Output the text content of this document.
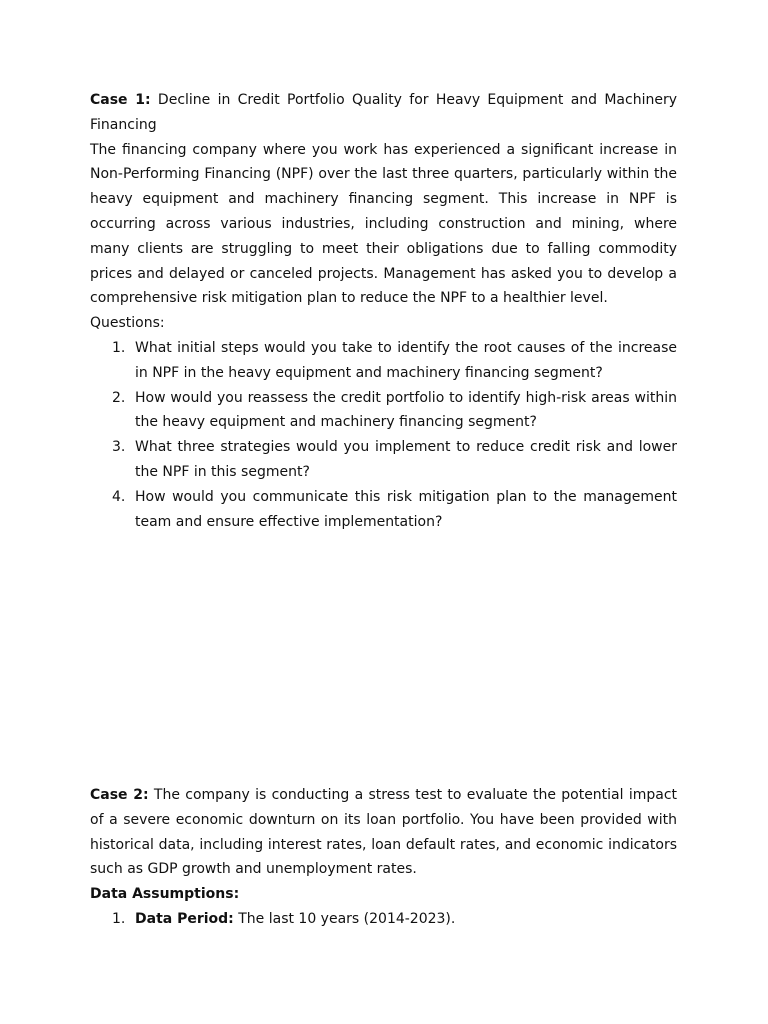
Case 1: Decline in Credit Portfolio Quality for Heavy Equipment and Machinery Financing

The financing company where you work has experienced a significant increase in Non-Performing Financing (NPF) over the last three quarters, particularly within the heavy equipment and machinery financing segment. This increase in NPF is occurring across various industries, including construction and mining, where many clients are struggling to meet their obligations due to falling commodity prices and delayed or canceled projects. Management has asked you to develop a comprehensive risk mitigation plan to reduce the NPF to a healthier level.

Questions:

1. What initial steps would you take to identify the root causes of the increase in NPF in the heavy equipment and machinery financing segment?
2. How would you reassess the credit portfolio to identify high-risk areas within the heavy equipment and machinery financing segment?
3. What three strategies would you implement to reduce credit risk and lower the NPF in this segment?
4. How would you communicate this risk mitigation plan to the management team and ensure effective implementation?

Case 2: The company is conducting a stress test to evaluate the potential impact of a severe economic downturn on its loan portfolio. You have been provided with historical data, including interest rates, loan default rates, and economic indicators such as GDP growth and unemployment rates.

Data Assumptions:

1. Data Period: The last 10 years (2014-2023).
